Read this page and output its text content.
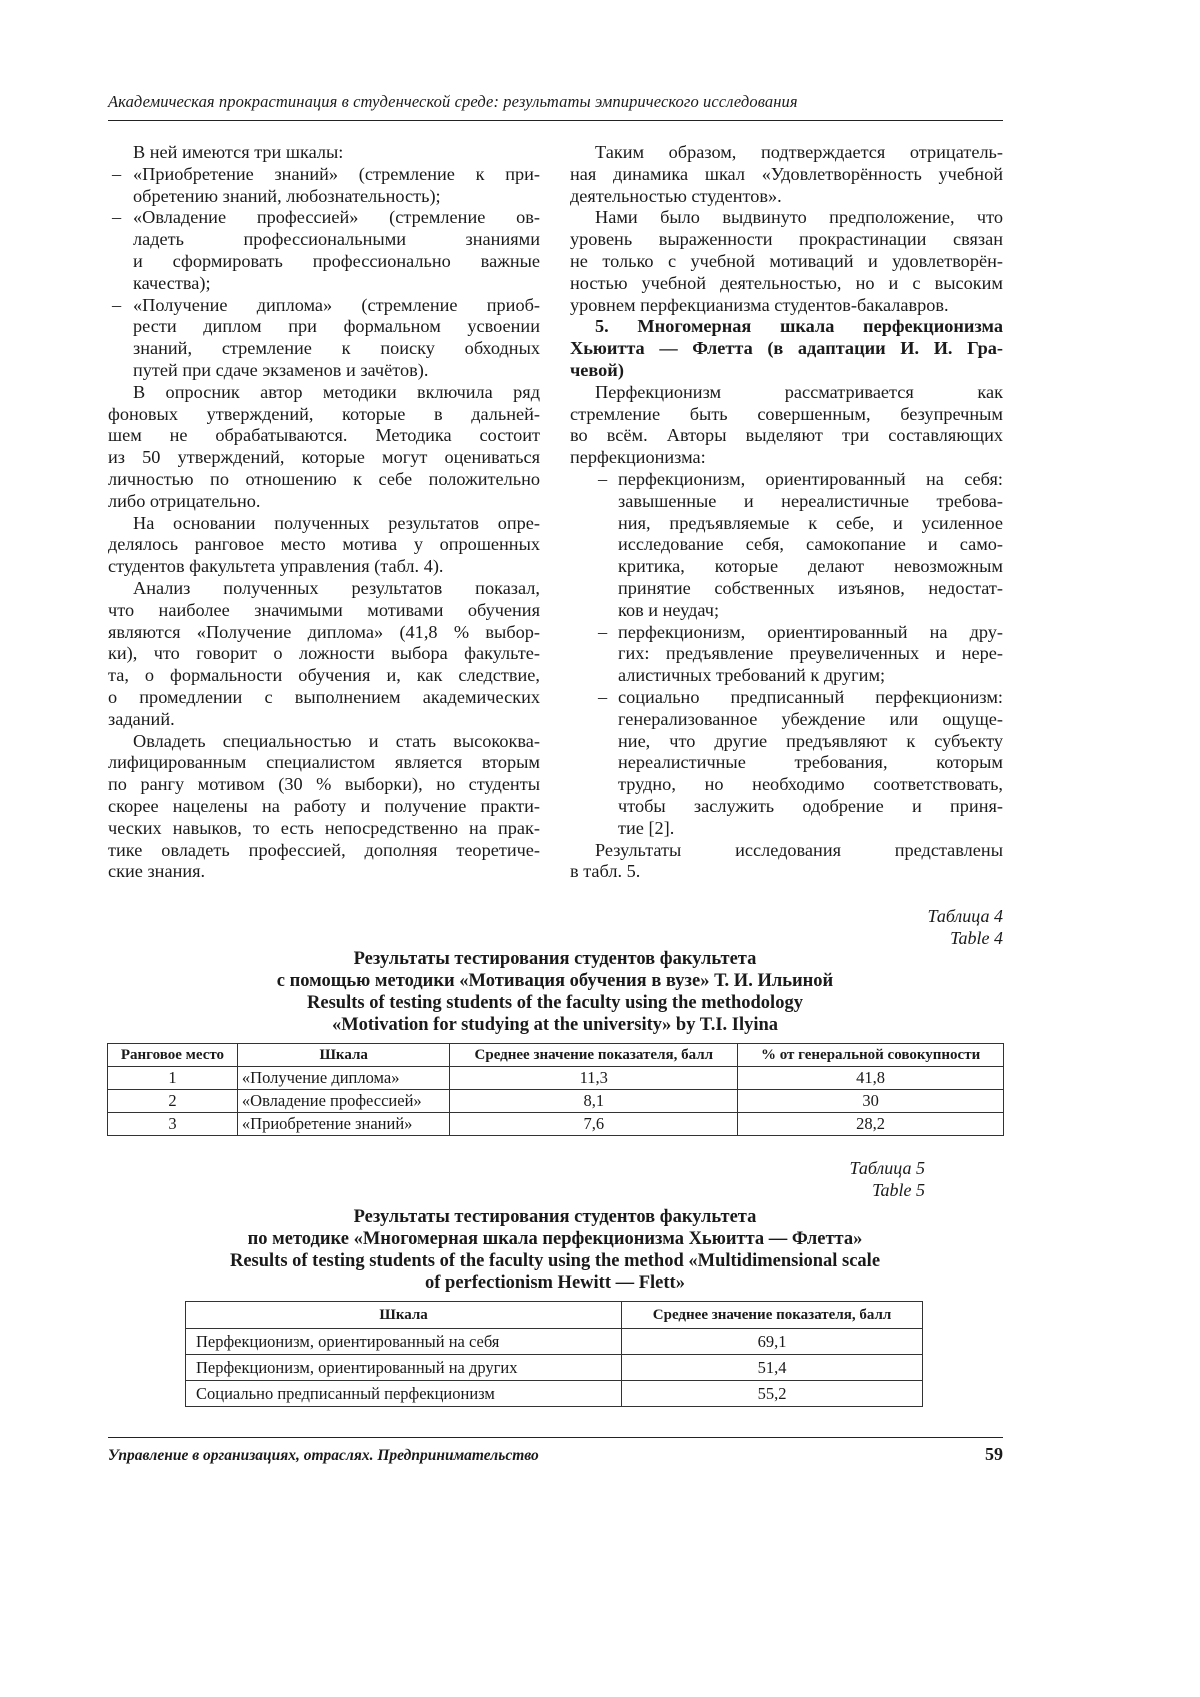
Академическая прокрастинация в студенческой среде: результаты эмпирического исследования
В ней имеются три шкалы:
– «Приобретение знаний» (стремление к при-
обретению знаний, любознательность);
– «Овладение профессией» (стремление ов-
ладеть профессиональными знаниями
и сформировать профессионально важные
качества);
– «Получение диплома» (стремление приоб-
рести диплом при формальном усвоении
знаний, стремление к поиску обходных
путей при сдаче экзаменов и зачётов).
В опросник автор методики включила ряд
фоновых утверждений, которые в дальней-
шем не обрабатываются. Методика состоит
из 50 утверждений, которые могут оцениваться
личностью по отношению к себе положительно
либо отрицательно.
На основании полученных результатов опре-
делялось ранговое место мотива у опрошенных
студентов факультета управления (табл. 4).
Анализ полученных результатов показал,
что наиболее значимыми мотивами обучения
являются «Получение диплома» (41,8 % выбор-
ки), что говорит о ложности выбора факульте-
та, о формальности обучения и, как следствие,
о промедлении с выполнением академических
заданий.
Овладеть специальностью и стать высококва-
лифицированным специалистом является вторым
по рангу мотивом (30 % выборки), но студенты
скорее нацелены на работу и получение практи-
ческих навыков, то есть непосредственно на прак-
тике овладеть профессией, дополняя теоретиче-
ские знания.
Таким образом, подтверждается отрицатель-
ная динамика шкал «Удовлетворённость учебной
деятельностью студентов».
Нами было выдвинуто предположение, что
уровень выраженности прокрастинации связан
не только с учебной мотиваций и удовлетворён-
ностью учебной деятельностью, но и с высоким
уровнем перфекцианизма студентов-бакалавров.
5. Многомерная шкала перфекционизма
Хьюитта — Флетта (в адаптации И. И. Гра-
чевой)
Перфекционизм рассматривается как
стремление быть совершенным, безупречным
во всём. Авторы выделяют три составляющих
перфекционизма:
– перфекционизм, ориентированный на себя:
завышенные и нереалистичные требова-
ния, предъявляемые к себе, и усиленное
исследование себя, самокопание и само-
критика, которые делают невозможным
принятие собственных изъянов, недостат-
ков и неудач;
– перфекционизм, ориентированный на дру-
гих: предъявление преувеличенных и нере-
алистичных требований к другим;
– социально предписанный перфекционизм:
генерализованное убеждение или ощуще-
ние, что другие предъявляют к субъекту
нереалистичные требования, которым
трудно, но необходимо соответствовать,
чтобы заслужить одобрение и приня-
тие [2].
Результаты исследования представлены
в табл. 5.
Таблица 4
Table 4
Результаты тестирования студентов факультета
с помощью методики «Мотивация обучения в вузе» Т. И. Ильиной
Results of testing students of the faculty using the methodology
«Motivation for studying at the university» by T.I. Ilyina
Ранговое место	Шкала	Среднее значение показателя, балл	% от генеральной совокупности
1	«Получение диплома»	11,3	41,8
2	«Овладение профессией»	8,1	30
3	«Приобретение знаний»	7,6	28,2
Таблица 5
Table 5
Результаты тестирования студентов факультета
по методике «Многомерная шкала перфекционизма Хьюитта — Флетта»
Results of testing students of the faculty using the method «Multidimensional scale
of perfectionism Hewitt — Flett»
Шкала	Среднее значение показателя, балл
Перфекционизм, ориентированный на себя	69,1
Перфекционизм, ориентированный на других	51,4
Социально предписанный перфекционизм	55,2
Управление в организациях, отраслях. Предпринимательство	59
